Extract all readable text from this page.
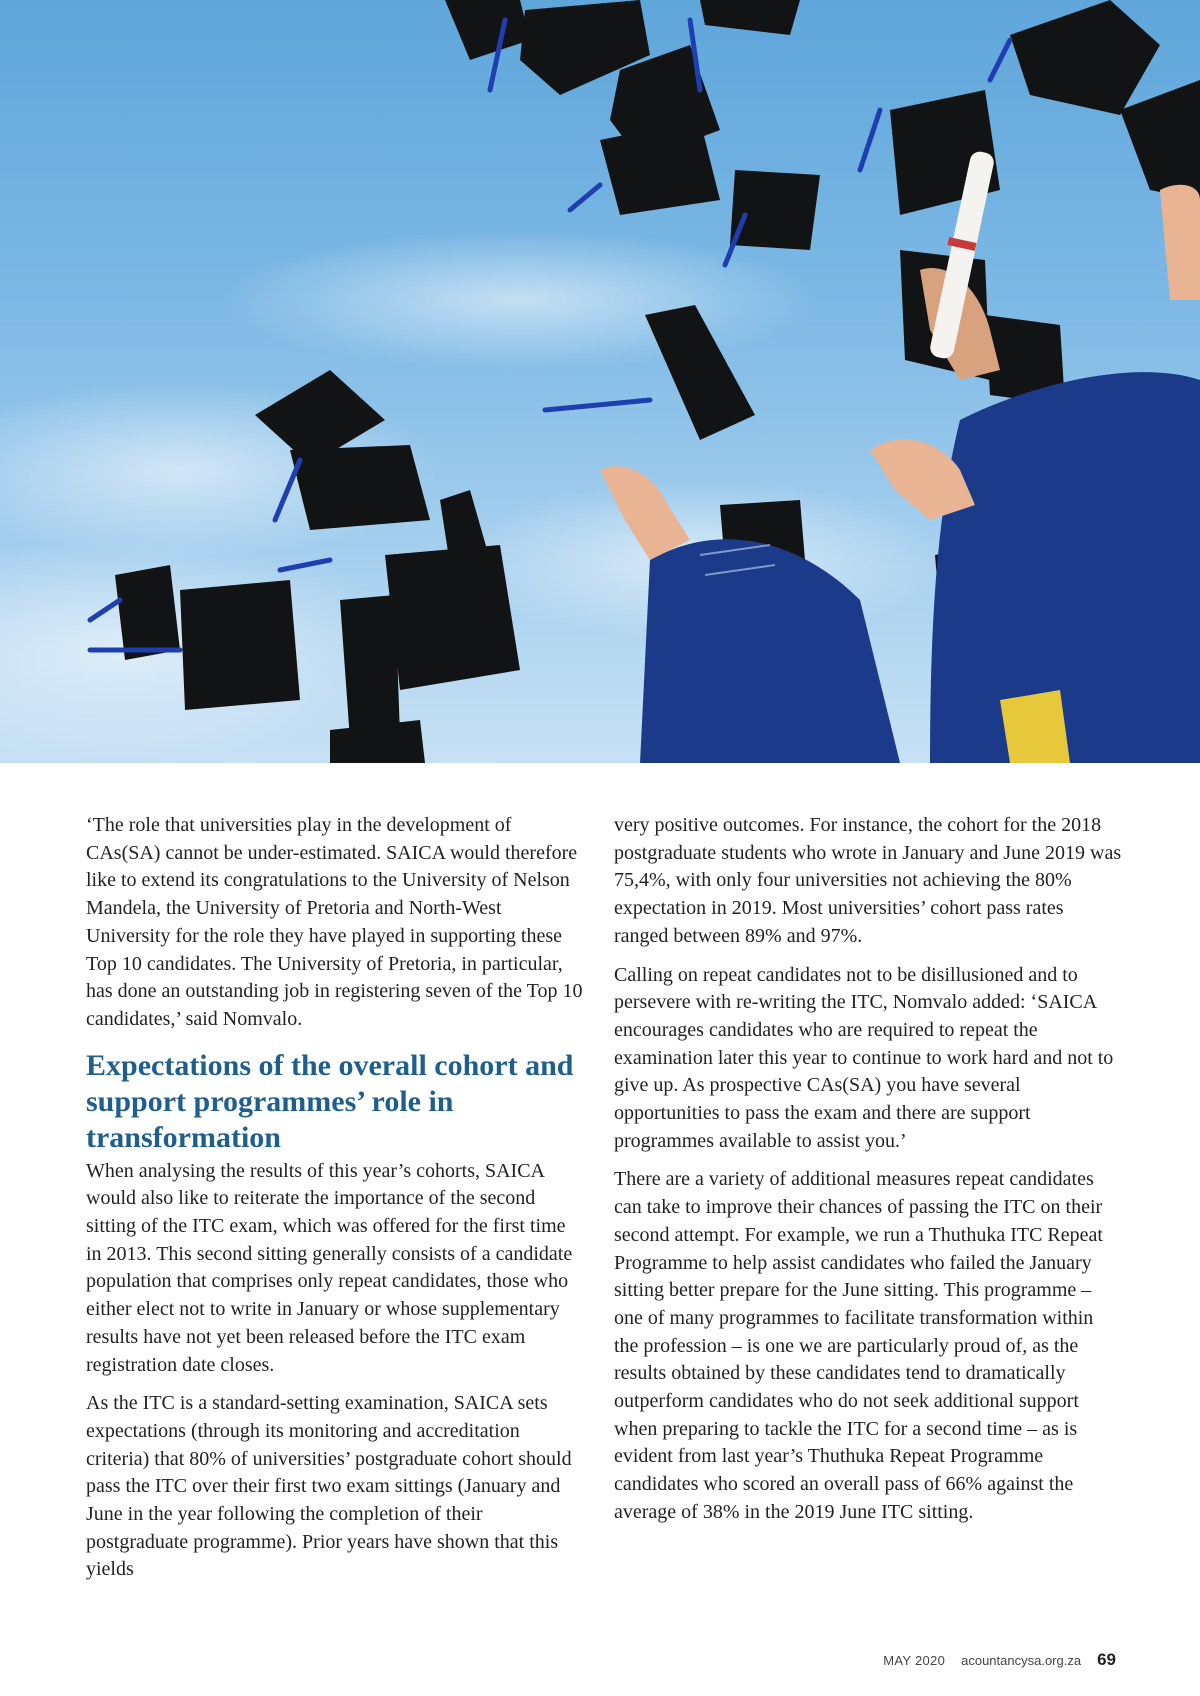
‘The role that universities play in the development of CAs(SA) cannot be under-estimated. SAICA would therefore like to extend its congratulations to the University of Nelson Mandela, the University of Pretoria and North-West University for the role they have played in supporting these Top 10 candidates. The University of Pretoria, in particular, has done an outstanding job in registering seven of the Top 10 candidates,’ said Nomvalo.

Expectations of the overall cohort and support programmes’ role in transformation

When analysing the results of this year’s cohorts, SAICA would also like to reiterate the importance of the second sitting of the ITC exam, which was offered for the first time in 2013. This second sitting generally consists of a candidate population that comprises only repeat candidates, those who either elect not to write in January or whose supplementary results have not yet been released before the ITC exam registration date closes.

As the ITC is a standard-setting examination, SAICA sets expectations (through its monitoring and accreditation criteria) that 80% of universities’ postgraduate cohort should pass the ITC over their first two exam sittings (January and June in the year following the completion of their postgraduate programme). Prior years have shown that this yields

very positive outcomes. For instance, the cohort for the 2018 postgraduate students who wrote in January and June 2019 was 75,4%, with only four universities not achieving the 80% expectation in 2019. Most universities’ cohort pass rates ranged between 89% and 97%.

Calling on repeat candidates not to be disillusioned and to persevere with re-writing the ITC, Nomvalo added: ‘SAICA encourages candidates who are required to repeat the examination later this year to continue to work hard and not to give up. As prospective CAs(SA) you have several opportunities to pass the exam and there are support programmes available to assist you.’

There are a variety of additional measures repeat candidates can take to improve their chances of passing the ITC on their second attempt. For example, we run a Thuthuka ITC Repeat Programme to help assist candidates who failed the January sitting better prepare for the June sitting. This programme – one of many programmes to facilitate transformation within the profession – is one we are particularly proud of, as the results obtained by these candidates tend to dramatically outperform candidates who do not seek additional support when preparing to tackle the ITC for a second time – as is evident from last year’s Thuthuka Repeat Programme candidates who scored an overall pass of 66% against the average of 38% in the 2019 June ITC sitting.

MAY 2020 acountancysa.org.za 69
